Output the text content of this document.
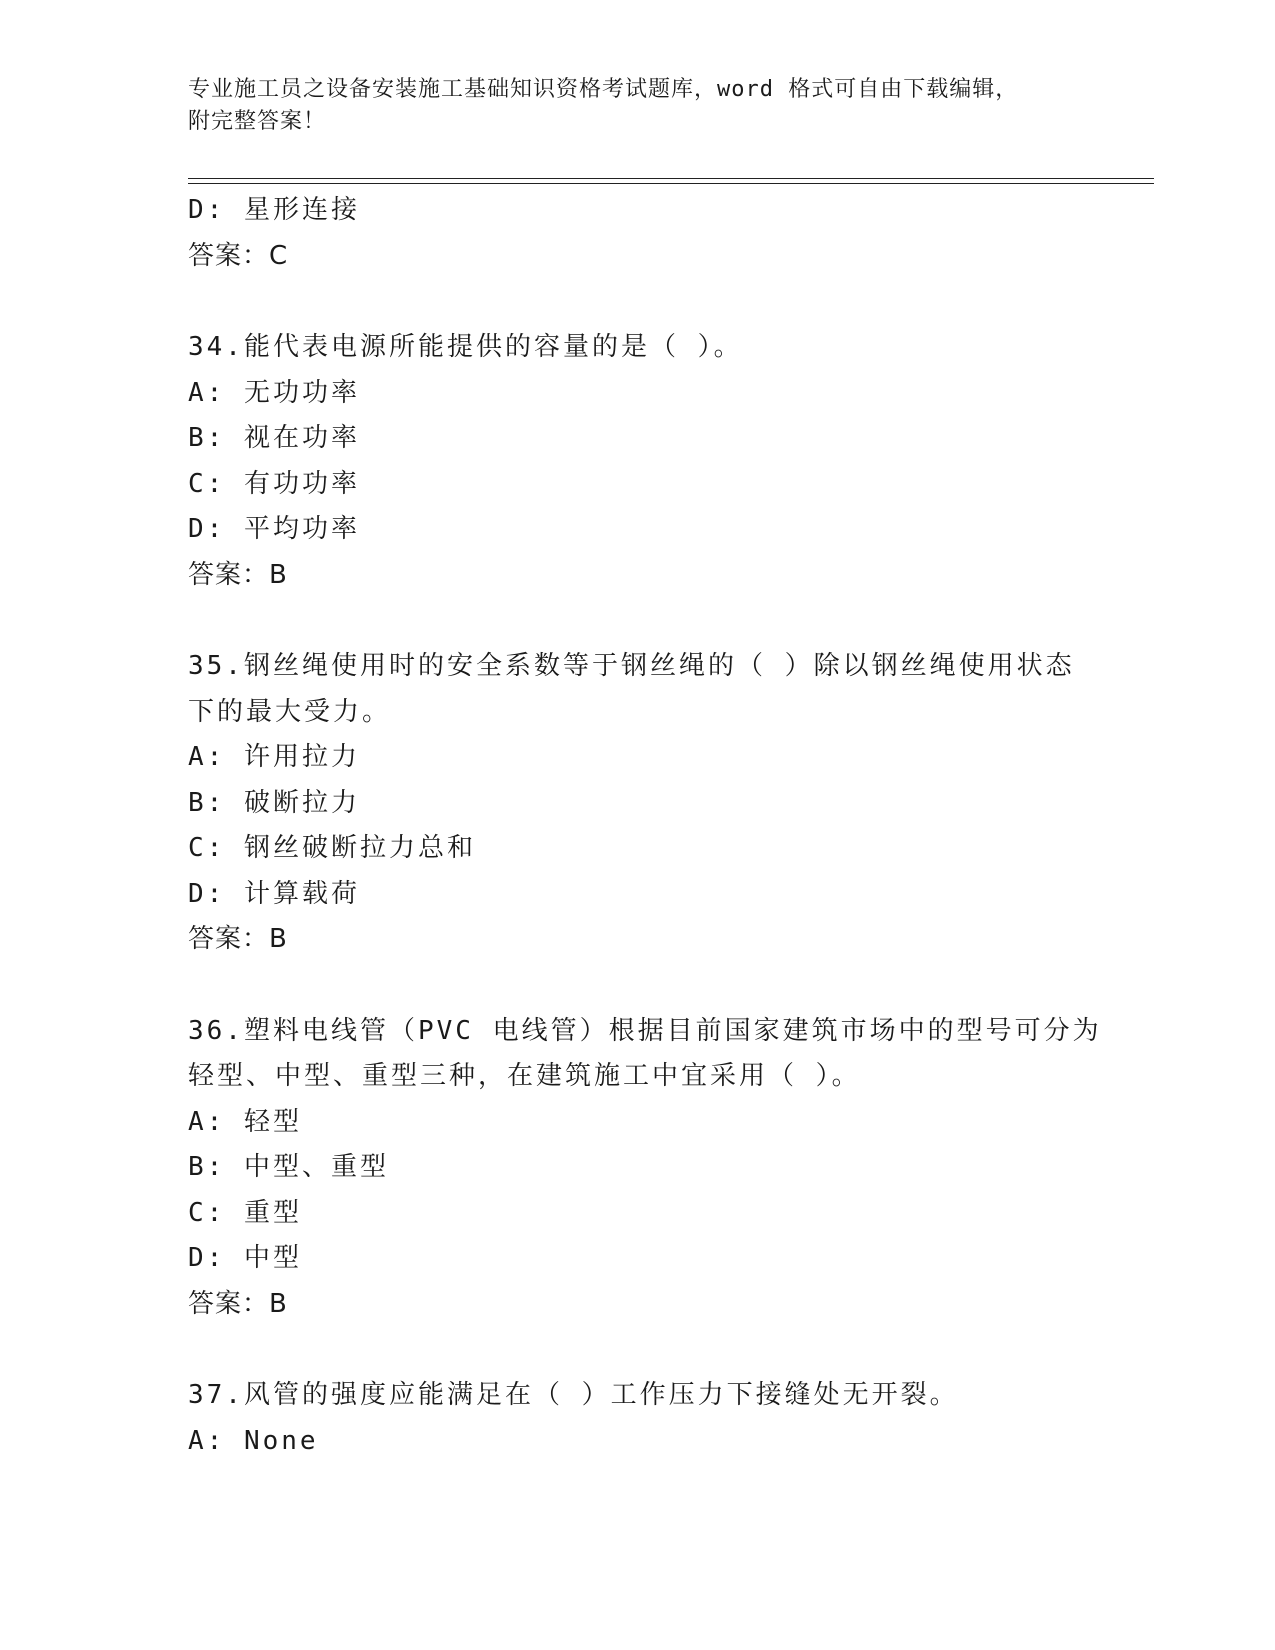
专业施工员之设备安装施工基础知识资格考试题库，word 格式可自由下载编辑，
附完整答案！
D: 星形连接
答案：C
34.能代表电源所能提供的容量的是（ ）。
A: 无功功率
B: 视在功率
C: 有功功率
D: 平均功率
答案：B
35.钢丝绳使用时的安全系数等于钢丝绳的（ ）除以钢丝绳使用状态
下的最大受力。
A: 许用拉力
B: 破断拉力
C: 钢丝破断拉力总和
D: 计算载荷
答案：B
36.塑料电线管（PVC 电线管）根据目前国家建筑市场中的型号可分为
轻型、中型、重型三种，在建筑施工中宜采用（ ）。
A: 轻型
B: 中型、重型
C: 重型
D: 中型
答案：B
37.风管的强度应能满足在（ ）工作压力下接缝处无开裂。
A: None
